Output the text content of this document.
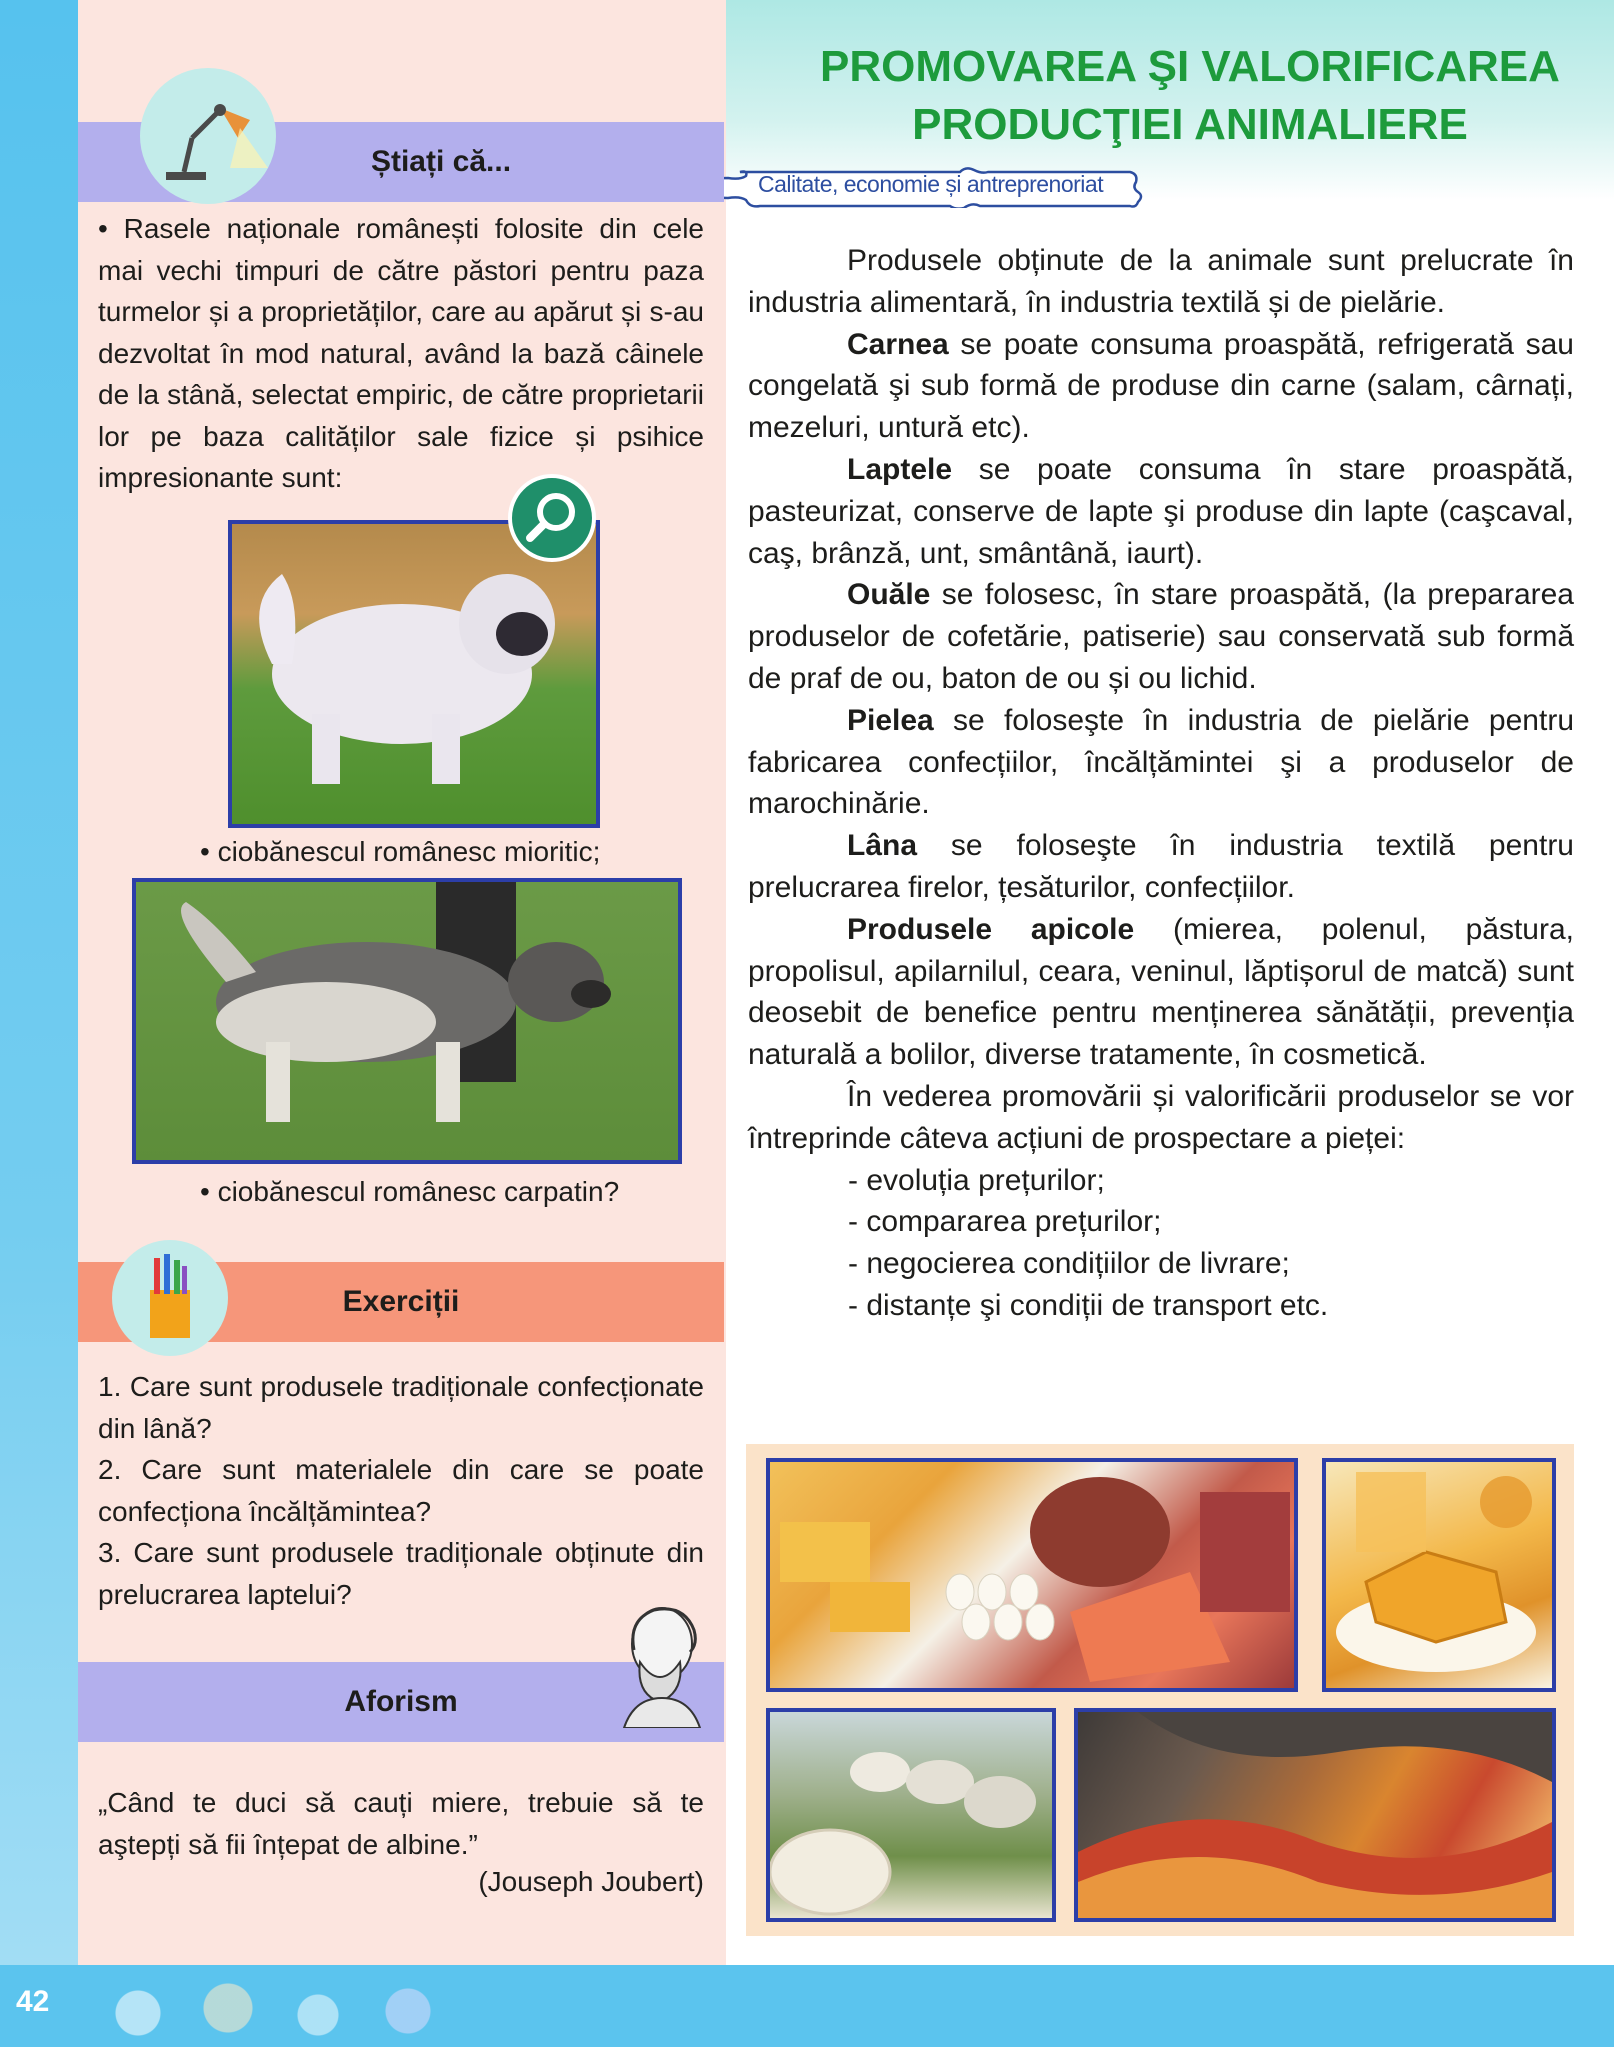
PROMOVAREA ŞI VALORIFICAREA
PRODUCŢIEI ANIMALIERE
Calitate, economie și antreprenoriat
Știați că...

• Rasele naționale românești folosite din cele mai vechi timpuri de către păstori pentru paza turmelor și a proprietăților, care au apărut și s-au dezvoltat în mod natural, având la bază câinele de la stână, selectat empiric, de către proprietarii lor pe baza calităților sale fizice și psihice impresionante sunt:

• ciobănescul românesc mioritic;
• ciobănescul românesc carpatin?
Exerciții

1. Care sunt produsele tradiționale confecționate din lână?

2. Care sunt materialele din care se poate confecționa încălțămintea?

3. Care sunt produsele tradiționale obținute din prelucrarea laptelui?

Aforism

„Când te duci să cauți miere, trebuie să te aştepți să fii înțepat de albine.”

(Jouseph Joubert)

Produsele obținute de la animale sunt prelucrate în industria alimentară, în industria textilă și de pielărie.

Carnea se poate consuma proaspătă, refrigerată sau congelată şi sub formă de produse din carne (salam, cârnați, mezeluri, untură etc).

Laptele se poate consuma în stare proaspătă, pasteurizat, conserve de lapte şi produse din lapte (caşcaval, caş, brânză, unt, smântână, iaurt).

Ouăle se folosesc, în stare proaspătă, (la prepararea produselor de cofetărie, patiserie) sau conservată sub formă de praf de ou, baton de ou și ou lichid.

Pielea se foloseşte în industria de pielărie pentru fabricarea confecțiilor, încălțămintei şi a produselor de marochinărie.

Lâna se foloseşte în industria textilă pentru prelucrarea firelor, țesăturilor, confecțiilor.

Produsele apicole (mierea, polenul, păstura, propolisul, apilarnilul, ceara, veninul, lăptișorul de matcă) sunt deosebit de benefice pentru menținerea sănătății, prevenția naturală a bolilor, diverse tratamente, în cosmetică.

În vederea promovării și valorificării produselor se vor întreprinde câteva acțiuni de prospectare a pieței:

- evoluția prețurilor;

- compararea prețurilor;

- negocierea condițiilor de livrare;

- distanțe şi condiții de transport etc.

42
